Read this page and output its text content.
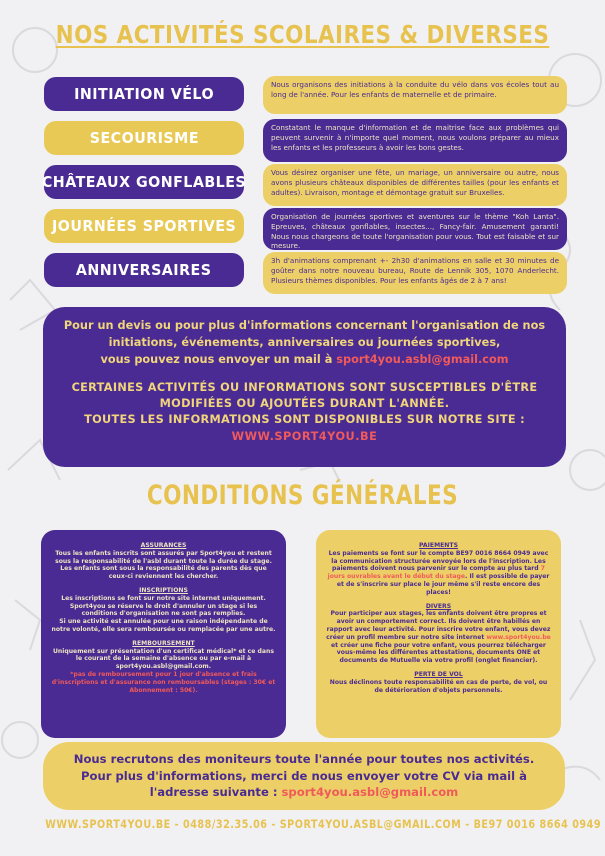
NOS ACTIVITÉS SCOLAIRES & DIVERSES
INITIATION VÉLO
Nous organisons des initiations à la conduite du vélo dans vos écoles tout au long de l'année. Pour les enfants de maternelle et de primaire.
SECOURISME
Constatant le manque d'information et de maitrise face aux problèmes qui peuvent survenir à n'importe quel moment, nous voulons préparer au mieux les enfants et les professeurs à avoir les bons gestes.
CHÂTEAUX GONFLABLES
Vous désirez organiser une fête, un mariage, un anniversaire ou autre, nous avons plusieurs châteaux disponibles de différentes tailles (pour les enfants et adultes). Livraison, montage et démontage gratuit sur Bruxelles.
JOURNÉES SPORTIVES
Organisation de journées sportives et aventures sur le thème "Koh Lanta". Epreuves, châteaux gonflables, insectes..., Fancy-fair. Amusement garanti! Nous nous chargeons de toute l'organisation pour vous. Tout est faisable et sur mesure.
ANNIVERSAIRES
3h d'animations comprenant +- 2h30 d'animations en salle et 30 minutes de goûter dans notre nouveau bureau, Route de Lennik 305, 1070 Anderlecht. Plusieurs thèmes disponibles. Pour les enfants âgés de 2 à 7 ans!
Pour un devis ou pour plus d'informations concernant l'organisation de nos
initiations, événements, anniversaires ou journées sportives,
vous pouvez nous envoyer un mail à sport4you.asbl@gmail.com
CERTAINES ACTIVITÉS OU INFORMATIONS SONT SUSCEPTIBLES D'ÊTRE
MODIFIÉES OU AJOUTÉES DURANT L'ANNÉE.
TOUTES LES INFORMATIONS SONT DISPONIBLES SUR NOTRE SITE :
WWW.SPORT4YOU.BE
CONDITIONS GÉNÉRALES

ASSURANCES

Tous les enfants inscrits sont assurés par Sport4you et restent sous la responsabilité de l'asbl durant toute la durée du stage.

Les enfants sont sous la responsabilité des parents dès que ceux-ci reviennent les chercher.

INSCRIPTIONS

Les inscriptions se font sur notre site internet uniquement. Sport4you se réserve le droit d'annuler un stage si les conditions d'organisation ne sont pas remplies.

Si une activité est annulée pour une raison indépendante de notre volonté, elle sera remboursée ou remplacée par une autre.

REMBOURSEMENT

Uniquement sur présentation d'un certificat médical* et ce dans le courant de la semaine d'absence ou par e-mail à sport4you.asbl@gmail.com.

*pas de remboursement pour 1 jour d'absence et frais d'inscriptions et d'assurance non remboursables (stages : 30€ et Abonnement : 50€).

PAIEMENTS

Les paiements se font sur le compte BE97 0016 8664 0949 avec la communication structurée envoyée lors de l'inscription. Les paiements doivent nous parvenir sur le compte au plus tard 7 jours ouvrables avant le début du stage. Il est possible de payer et de s'inscrire sur place le jour même s'il reste encore des places!

DIVERS

Pour participer aux stages, les enfants doivent être propres et avoir un comportement correct. Ils doivent être habillés en rapport avec leur activité. Pour inscrire votre enfant, vous devez créer un profil membre sur notre site internet www.sport4you.be et créer une fiche pour votre enfant, vous pourrez télécharger vous-même les différentes attestations, documents ONE et documents de Mutuelle via votre profil (onglet financier).

PERTE DE VOL

Nous déclinons toute responsabilité en cas de perte, de vol, ou de détérioration d'objets personnels.

Nous recrutons des moniteurs toute l'année pour toutes nos activités.
Pour plus d'informations, merci de nous envoyer votre CV via mail à
l'adresse suivante : sport4you.asbl@gmail.com
WWW.SPORT4YOU.BE - 0488/32.35.06 - SPORT4YOU.ASBL@GMAIL.COM - BE97 0016 8664 0949
